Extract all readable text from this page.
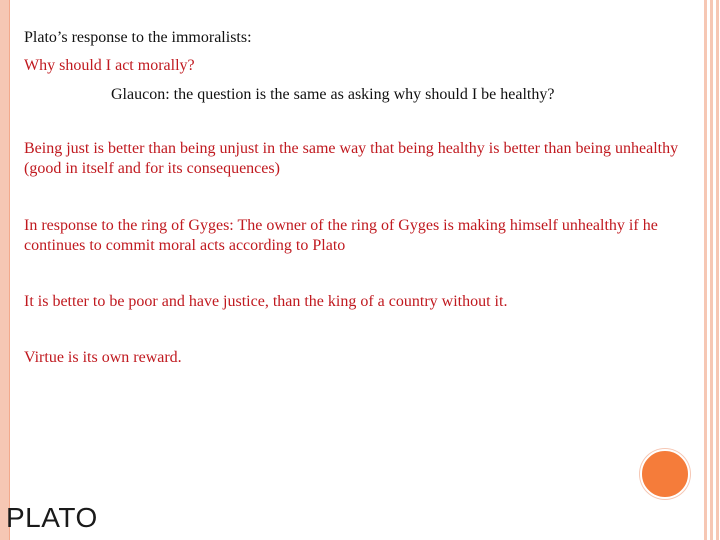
Plato’s response to the immoralists:

Why should I act morally?

Glaucon: the question is the same as asking why should I be healthy?

Being just is better than being unjust in the same way that being healthy is better than being unhealthy (good in itself and for its consequences)

In response to the ring of Gyges: The owner of the ring of Gyges is making himself unhealthy if he continues to commit moral acts according to Plato

It is better to be poor and have justice, than the king of a country without it.

Virtue is its own reward.

PLATO
